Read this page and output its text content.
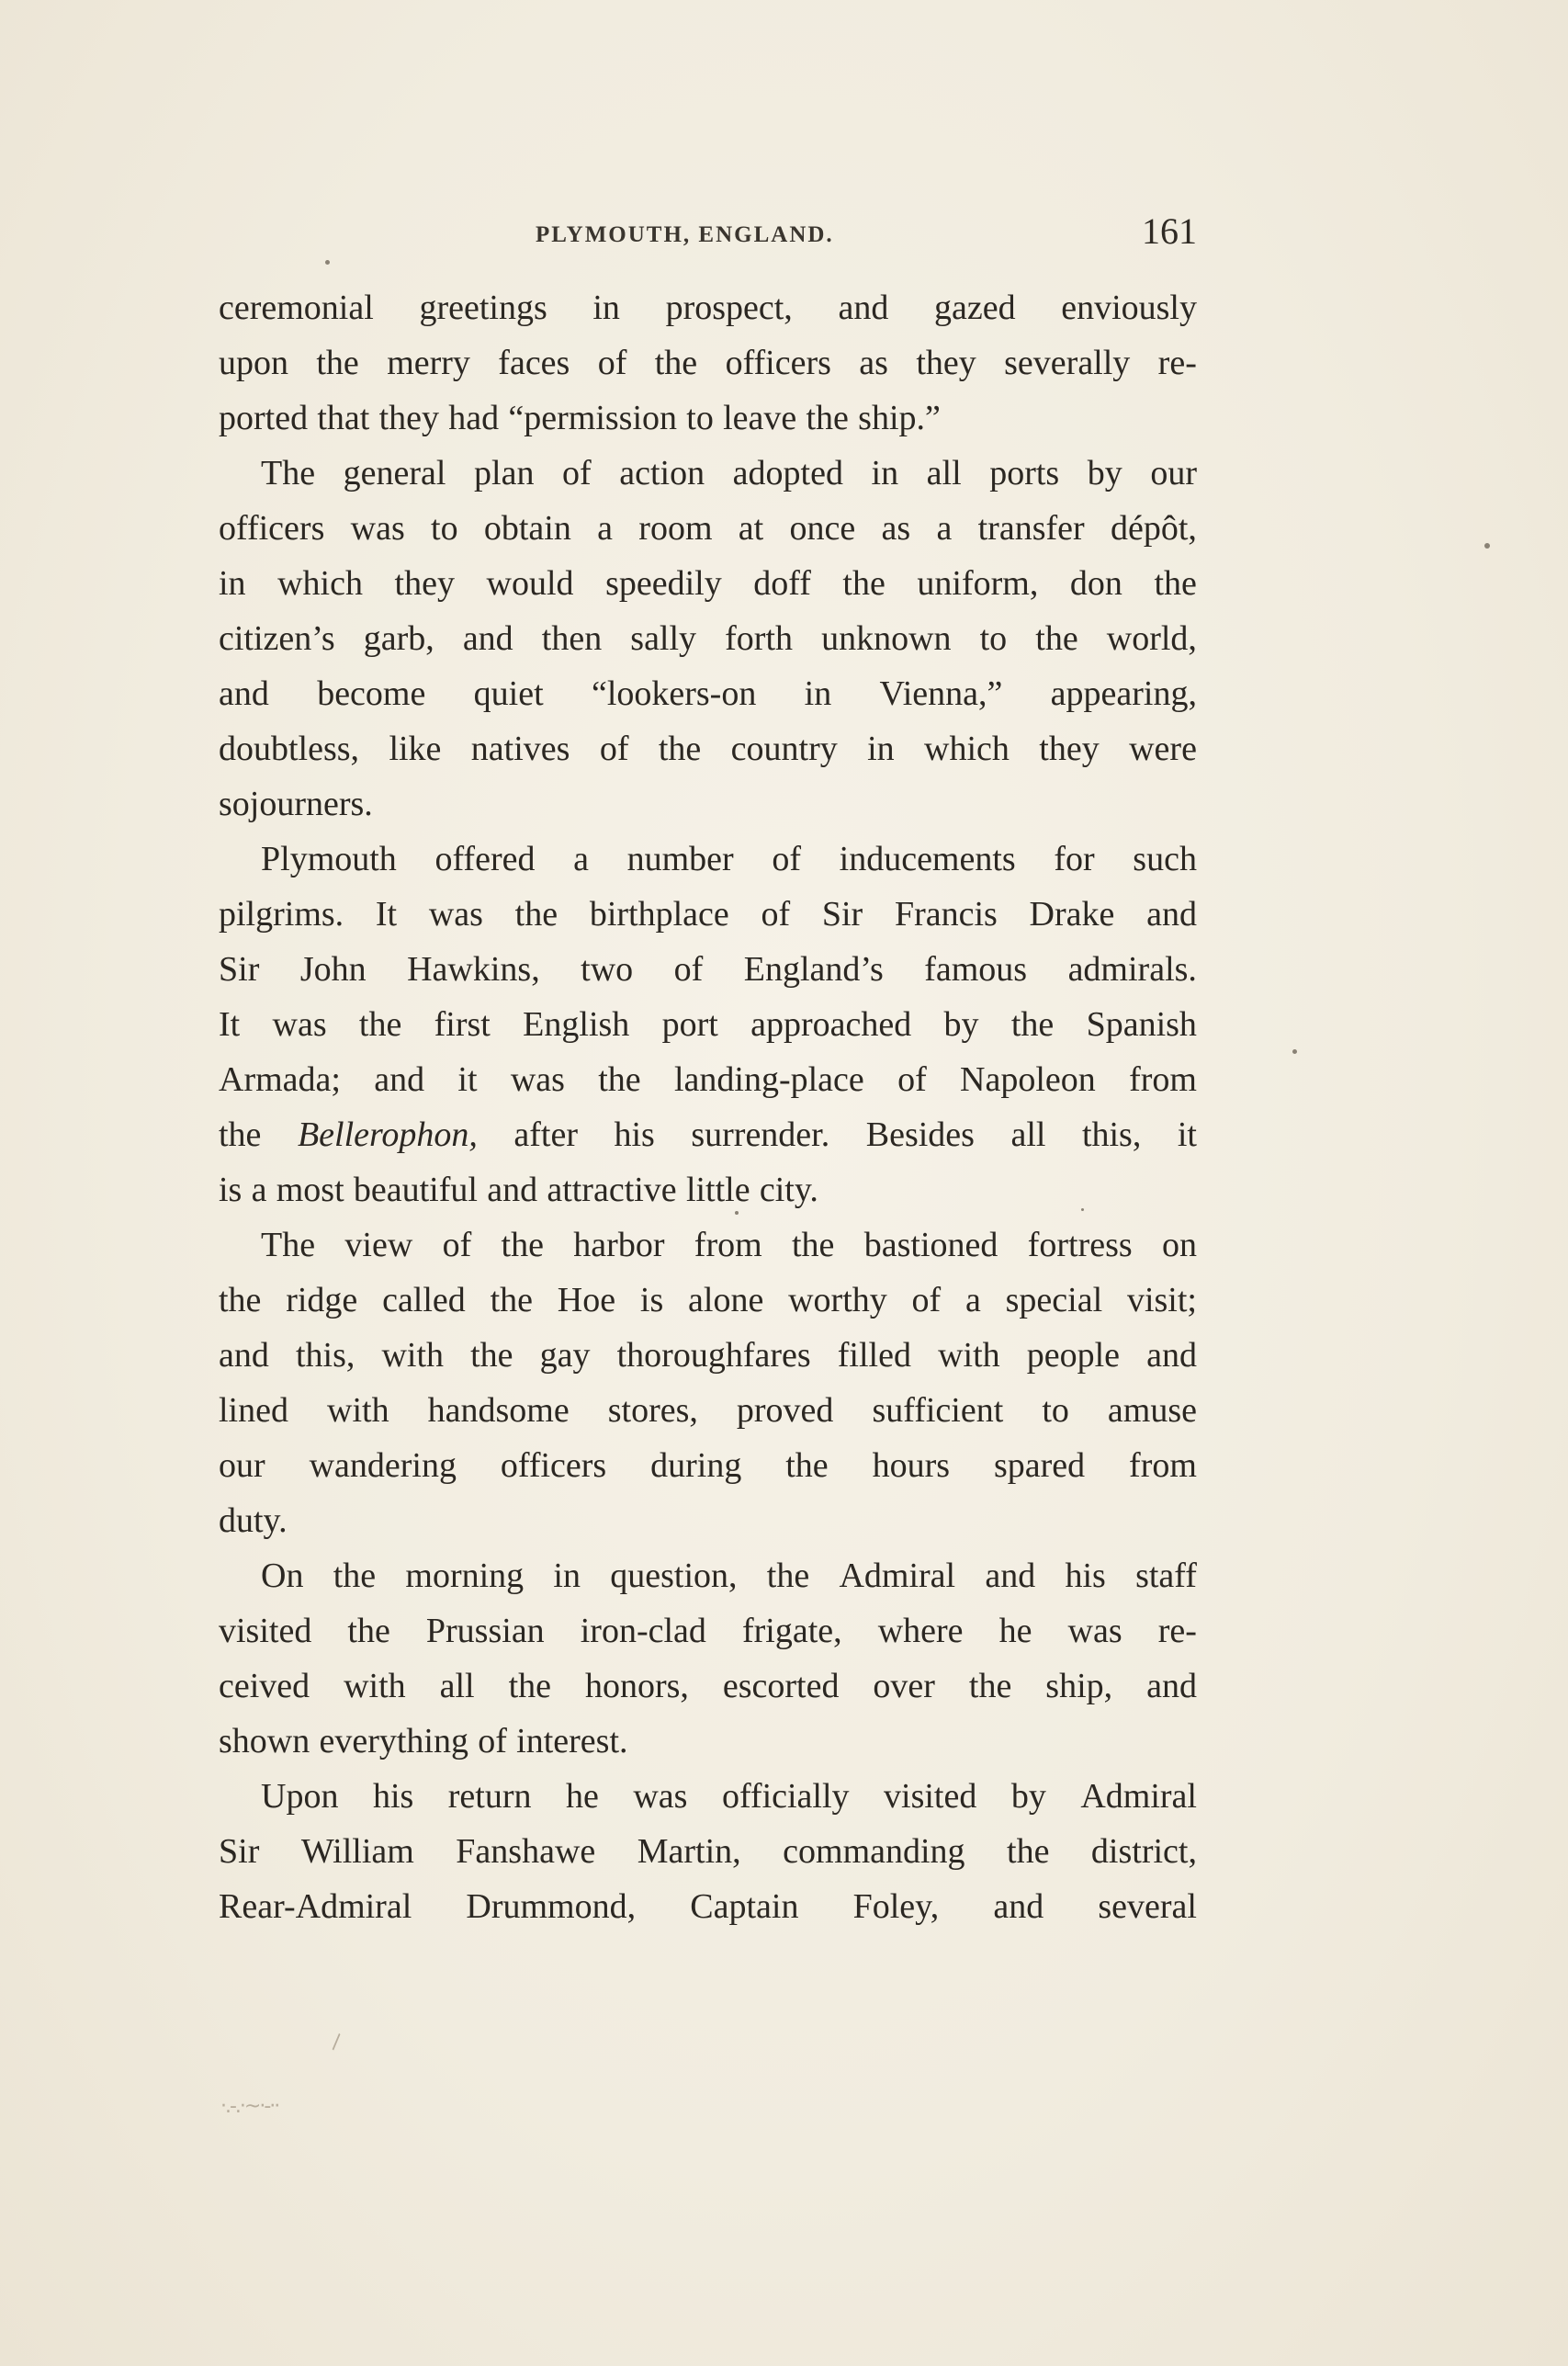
PLYMOUTH, ENGLAND.	161
ceremonial greetings in prospect, and gazed enviously
upon the merry faces of the officers as they severally re-
ported that they had “permission to leave the ship.”
The general plan of action adopted in all ports by our
officers was to obtain a room at once as a transfer dépôt,
in which they would speedily doff the uniform, don the
citizen’s garb, and then sally forth unknown to the world,
and become quiet “lookers-on in Vienna,” appearing,
doubtless, like natives of the country in which they were
sojourners.
Plymouth offered a number of inducements for such
pilgrims. It was the birthplace of Sir Francis Drake and
Sir John Hawkins, two of England’s famous admirals.
It was the first English port approached by the Spanish
Armada; and it was the landing-place of Napoleon from
the Bellerophon, after his surrender. Besides all this, it
is a most beautiful and attractive little city.
The view of the harbor from the bastioned fortress on
the ridge called the Hoe is alone worthy of a special visit;
and this, with the gay thoroughfares filled with people and
lined with handsome stores, proved sufficient to amuse
our wandering officers during the hours spared from
duty.
On the morning in question, the Admiral and his staff
visited the Prussian iron-clad frigate, where he was re-
ceived with all the honors, escorted over the ship, and
shown everything of interest.
Upon his return he was officially visited by Admiral
Sir William Fanshawe Martin, commanding the district,
Rear-Admiral Drummond, Captain Foley, and several
\
·.-.·~·-··
